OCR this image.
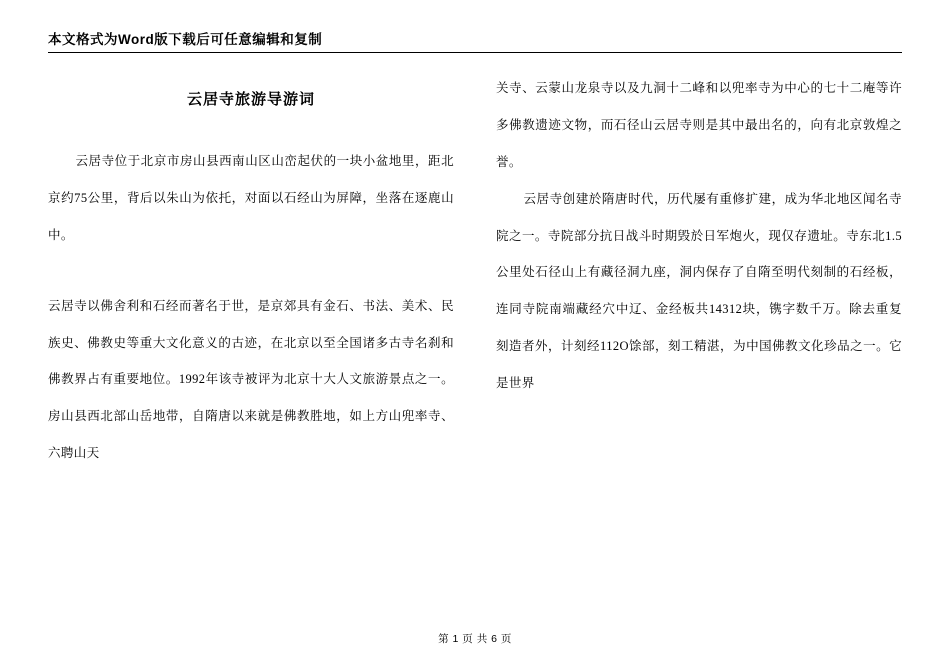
本文格式为Word版下载后可任意编辑和复制
云居寺旅游导游词

云居寺位于北京市房山县西南山区山峦起伏的一块小盆地里，距北京约75公里，背后以朱山为依托，对面以石经山为屏障，坐落在逐鹿山中。

云居寺以佛舍利和石经而著名于世，是京郊具有金石、书法、美术、民族史、佛教史等重大文化意义的古迹，在北京以至全国诸多古寺名刹和佛教界占有重要地位。1992年该寺被评为北京十大人文旅游景点之一。房山县西北部山岳地带，自隋唐以来就是佛教胜地，如上方山兜率寺、六聘山天

关寺、云蒙山龙泉寺以及九洞十二峰和以兜率寺为中心的七十二庵等许多佛教遗迹文物，而石径山云居寺则是其中最出名的，向有北京敦煌之誉。

云居寺创建於隋唐时代，历代屡有重修扩建，成为华北地区闻名寺院之一。寺院部分抗日战斗时期毁於日军炮火，现仅存遗址。寺东北1.5公里处石径山上有藏径洞九座，洞内保存了自隋至明代刻制的石经板，连同寺院南端藏经穴中辽、金经板共14312块，镌字数千万。除去重复刻造者外，计刻经112O馀部，刻工精湛，为中国佛教文化珍品之一。它是世界

第 1 页 共 6 页
